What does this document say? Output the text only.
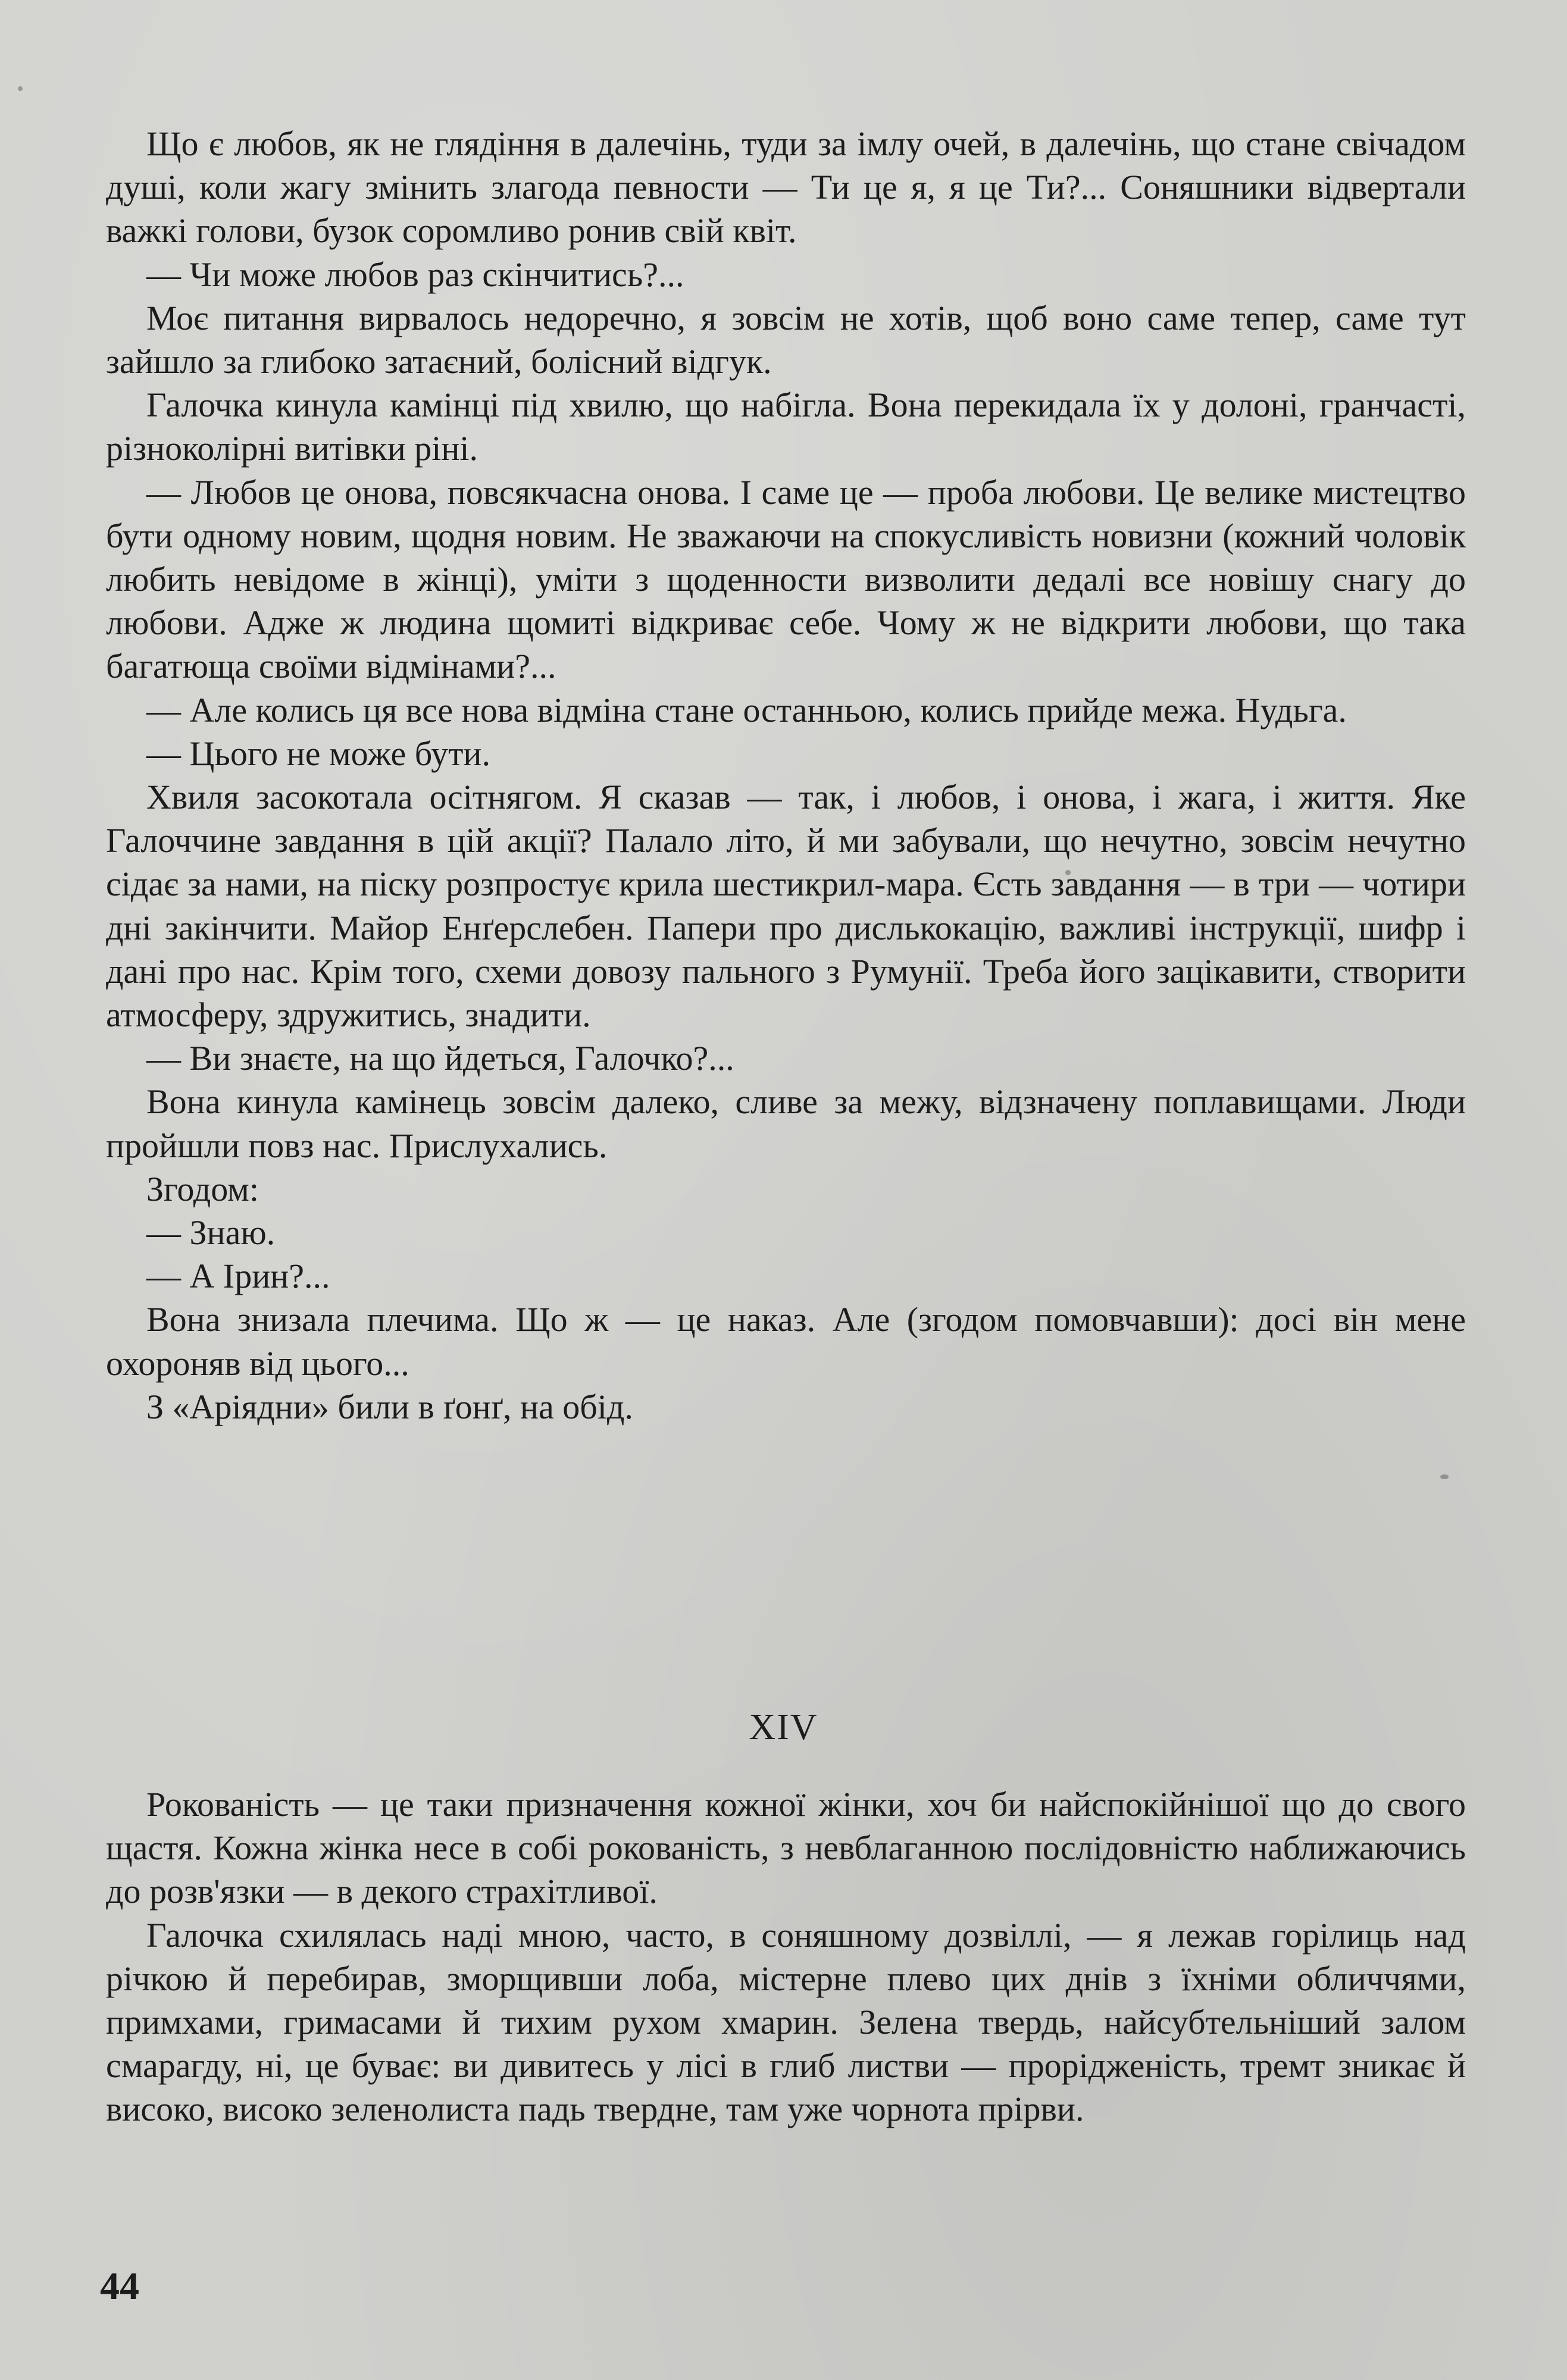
Що є любов, як не глядіння в далечінь, туди за імлу очей, в далечінь, що стане свічадом душі, коли жагу змінить злагода певности — Ти це я, я це Ти?... Соняшники відвертали важкі голови, бузок соромливо ронив свій квіт.

— Чи може любов раз скінчитись?...

Моє питання вирвалось недоречно, я зовсім не хотів, щоб воно саме тепер, саме тут зайшло за глибоко затаєний, болісний відгук.

Галочка кинула камінці під хвилю, що набігла. Вона перекидала їх у долоні, гранчасті, різноколірні витівки ріні.

— Любов це онова, повсякчасна онова. І саме це — проба любови. Це велике мистецтво бути одному новим, щодня новим. Не зважаючи на спокусливість новизни (кожний чоловік любить невідоме в жінці), уміти з щоденности визволити дедалі все новішу снагу до любови. Адже ж людина щомиті відкриває себе. Чому ж не відкрити любови, що така багатюща своїми відмінами?...

— Але колись ця все нова відміна стане останньою, колись прийде межа. Нудьга.

— Цього не може бути.

Хвиля засокотала осітнягом. Я сказав — так, і любов, і онова, і жага, і життя. Яке Галоччине завдання в цій акції? Палало літо, й ми забували, що нечутно, зовсім нечутно сідає за нами, на піску розпростує крила шестикрил-мара. Єсть завдання — в три — чотири дні закінчити. Майор Енґерслебен. Папери про дислькокацію, важливі інструкції, шифр і дані про нас. Крім того, схеми довозу пального з Румунії. Треба його зацікавити, створити атмосферу, здружитись, знадити.

— Ви знаєте, на що йдеться, Галочко?...

Вона кинула камінець зовсім далеко, сливе за межу, відзначену поплавищами. Люди пройшли повз нас. Прислухались.

Згодом:

— Знаю.

— А Ірин?...

Вона знизала плечима. Що ж — це наказ. Але (згодом помовчавши): досі він мене охороняв від цього...

З «Аріядни» били в ґонґ, на обід.

XIV

Рокованість — це таки призначення кожної жінки, хоч би найспокійнішої що до свого щастя. Кожна жінка несе в собі рокованість, з невблаганною послідовністю наближаючись до розв'язки — в декого страхітливої.

Галочка схилялась наді мною, часто, в соняшному дозвіллі, — я лежав горілиць над річкою й перебирав, зморщивши лоба, містерне плево цих днів з їхніми обличчями, примхами, гримасами й тихим рухом хмарин. Зелена твердь, найсубтельніший залом смарагду, ні, це буває: ви дивитесь у лісі в глиб листви — прорідженість, тремт зникає й високо, високо зеленолиста падь твердне, там уже чорнота прірви.

44
